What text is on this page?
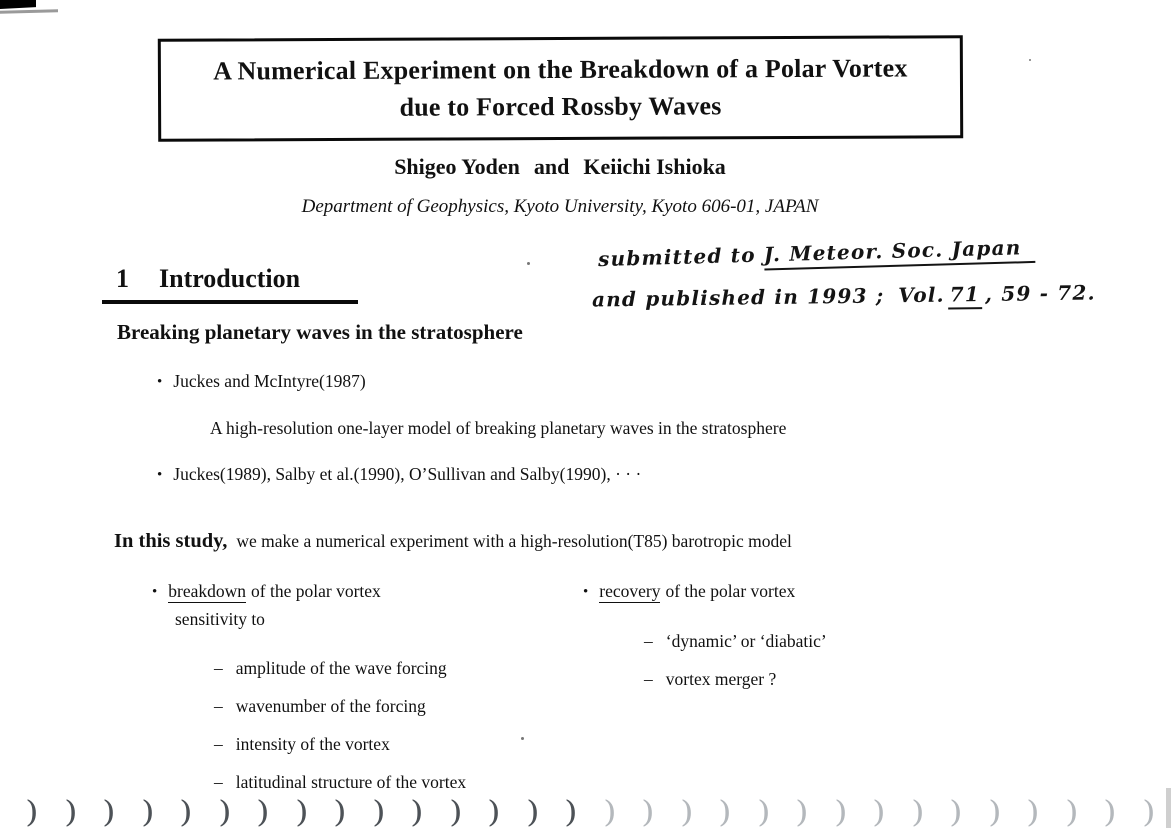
A Numerical Experiment on the Breakdown of a Polar Vortex
due to Forced Rossby Waves
Shigeo Yoden and Keiichi Ishioka
Department of Geophysics, Kyoto University, Kyoto 606-01, JAPAN
submitted to J. Meteor. Soc. Japan
and published in 1993 ; Vol. 71 , 59 - 72.
1 Introduction
Breaking planetary waves in the stratosphere
• Juckes and McIntyre(1987)
A high-resolution one-layer model of breaking planetary waves in the stratosphere
• Juckes(1989), Salby et al.(1990), O’Sullivan and Salby(1990), · · ·
In this study, we make a numerical experiment with a high-resolution(T85) barotropic model
• breakdown of the polar vortex
sensitivity to
– amplitude of the wave forcing
– wavenumber of the forcing
– intensity of the vortex
– latitudinal structure of the vortex
• recovery of the polar vortex
– ‘dynamic’ or ‘diabatic’
– vortex merger ?
) ) ) ) ) ) ) ) ) ) ) ) ) ) ) ) ) ) ) ) ) ) ) ) ) ) ) ) ) )
